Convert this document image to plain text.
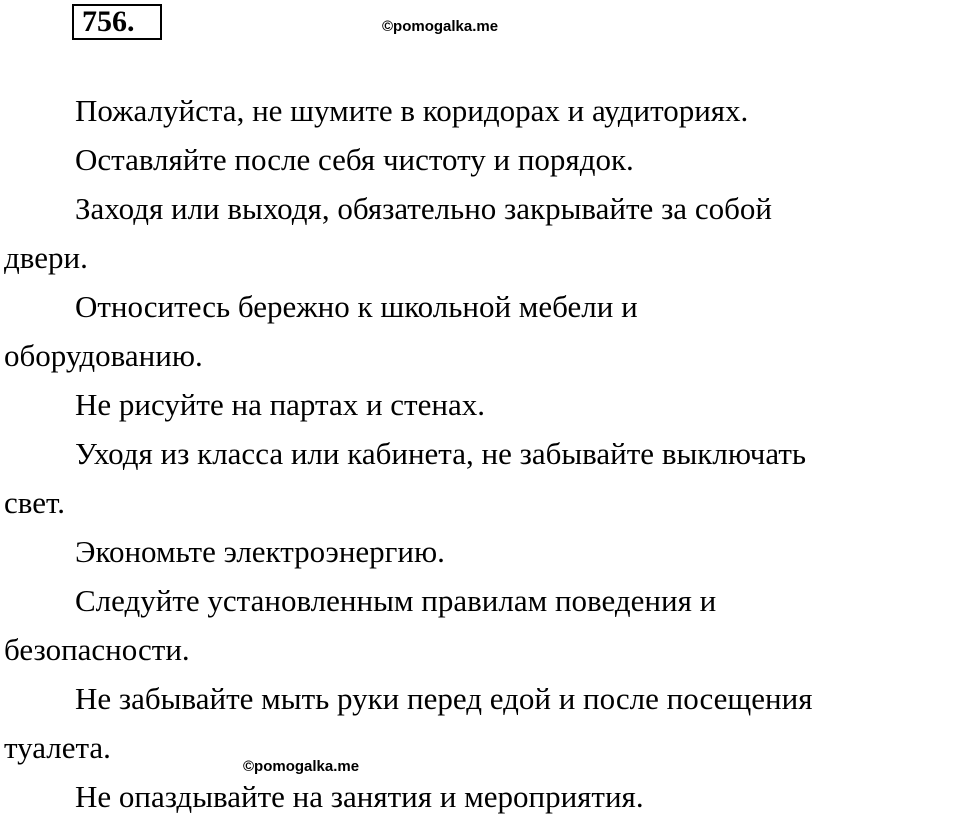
756.	©pomogalka.me
Пожалуйста, не шумите в коридорах и аудиториях.
Оставляйте после себя чистоту и порядок.
Заходя или выходя, обязательно закрывайте за собой
двери.
Относитесь бережно к школьной мебели и
оборудованию.
Не рисуйте на партах и стенах.
Уходя из класса или кабинета, не забывайте выключать
свет.
Экономьте электроэнергию.
Следуйте установленным правилам поведения и
безопасности.
Не забывайте мыть руки перед едой и после посещения
туалета.
Не опаздывайте на занятия и мероприятия.
©pomogalka.me
